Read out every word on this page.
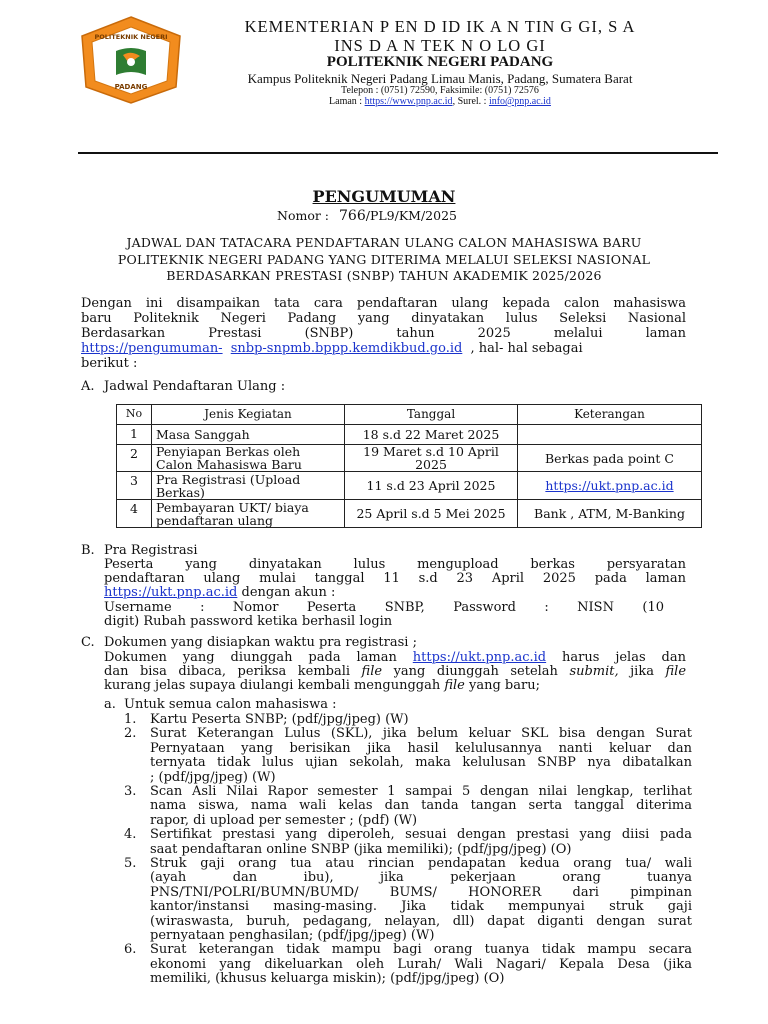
POLITEKNIK NEGERI
PADANG
KEMENTERIAN P EN D ID IK A N TIN G GI, S A
INS D A N TEK N O LO GI
POLITEKNIK NEGERI PADANG
Kampus Politeknik Negeri Padang Limau Manis, Padang, Sumatera Barat
Telepon : (0751) 72590, Faksimile: (0751) 72576
Laman : https://www.pnp.ac.id, Surel. : info@pnp.ac.id
PENGUMUMAN
Nomor : 766/PL9/KM/2025
JADWAL DAN TATACARA PENDAFTARAN ULANG CALON MAHASISWA BARU
POLITEKNIK NEGERI PADANG YANG DITERIMA MELALUI SELEKSI NASIONAL
BERDASARKAN PRESTASI (SNBP) TAHUN AKADEMIK 2025/2026
Dengan ini disampaikan tata cara pendaftaran ulang kepada calon mahasiswa
baru Politeknik Negeri Padang yang dinyatakan lulus Seleksi Nasional
Berdasarkan Prestasi (SNBP) tahun 2025 melalui laman
https://pengumuman- snbp-snpmb.bppp.kemdikbud.go.id , hal- hal sebagai
berikut :
A. Jadwal Pendaftaran Ulang :
No	Jenis Kegiatan	Tanggal	Keterangan
1	Masa Sanggah	18 s.d 22 Maret 2025	
2	Penyiapan Berkas oleh Calon Mahasiswa Baru	19 Maret s.d 10 April 2025	Berkas pada point C
3	Pra Registrasi (Upload Berkas)	11 s.d 23 April 2025	https://ukt.pnp.ac.id
4	Pembayaran UKT/ biaya pendaftaran ulang	25 April s.d 5 Mei 2025	Bank , ATM, M-Banking
B. Pra Registrasi
Peserta yang dinyatakan lulus mengupload berkas persyaratan
pendaftaran ulang mulai tanggal 11 s.d 23 April 2025 pada laman
https://ukt.pnp.ac.id dengan akun :
Username : Nomor Peserta SNBP, Password : NISN (10
digit) Rubah password ketika berhasil login
C. Dokumen yang disiapkan waktu pra registrasi ;
Dokumen yang diunggah pada laman https://ukt.pnp.ac.id harus jelas dan
dan bisa dibaca, periksa kembali file yang diunggah setelah submit, jika file
kurang jelas supaya diulangi kembali mengunggah file yang baru;
a. Untuk semua calon mahasiswa :
1. Kartu Peserta SNBP; (pdf/jpg/jpeg) (W)
2. Surat Keterangan Lulus (SKL), jika belum keluar SKL bisa dengan Surat
Pernyataan yang berisikan jika hasil kelulusannya nanti keluar dan
ternyata tidak lulus ujian sekolah, maka kelulusan SNBP nya dibatalkan
; (pdf/jpg/jpeg) (W)
3. Scan Asli Nilai Rapor semester 1 sampai 5 dengan nilai lengkap, terlihat
nama siswa, nama wali kelas dan tanda tangan serta tanggal diterima
rapor, di upload per semester ; (pdf) (W)
4. Sertifikat prestasi yang diperoleh, sesuai dengan prestasi yang diisi pada
saat pendaftaran online SNBP (jika memiliki); (pdf/jpg/jpeg) (O)
5. Struk gaji orang tua atau rincian pendapatan kedua orang tua/ wali
(ayah dan ibu), jika pekerjaan orang tuanya
PNS/TNI/POLRI/BUMN/BUMD/ BUMS/ HONORER dari pimpinan
kantor/instansi masing-masing. Jika tidak mempunyai struk gaji
(wiraswasta, buruh, pedagang, nelayan, dll) dapat diganti dengan surat
pernyataan penghasilan; (pdf/jpg/jpeg) (W)
6. Surat keterangan tidak mampu bagi orang tuanya tidak mampu secara
ekonomi yang dikeluarkan oleh Lurah/ Wali Nagari/ Kepala Desa (jika
memiliki, (khusus keluarga miskin); (pdf/jpg/jpeg) (O)
